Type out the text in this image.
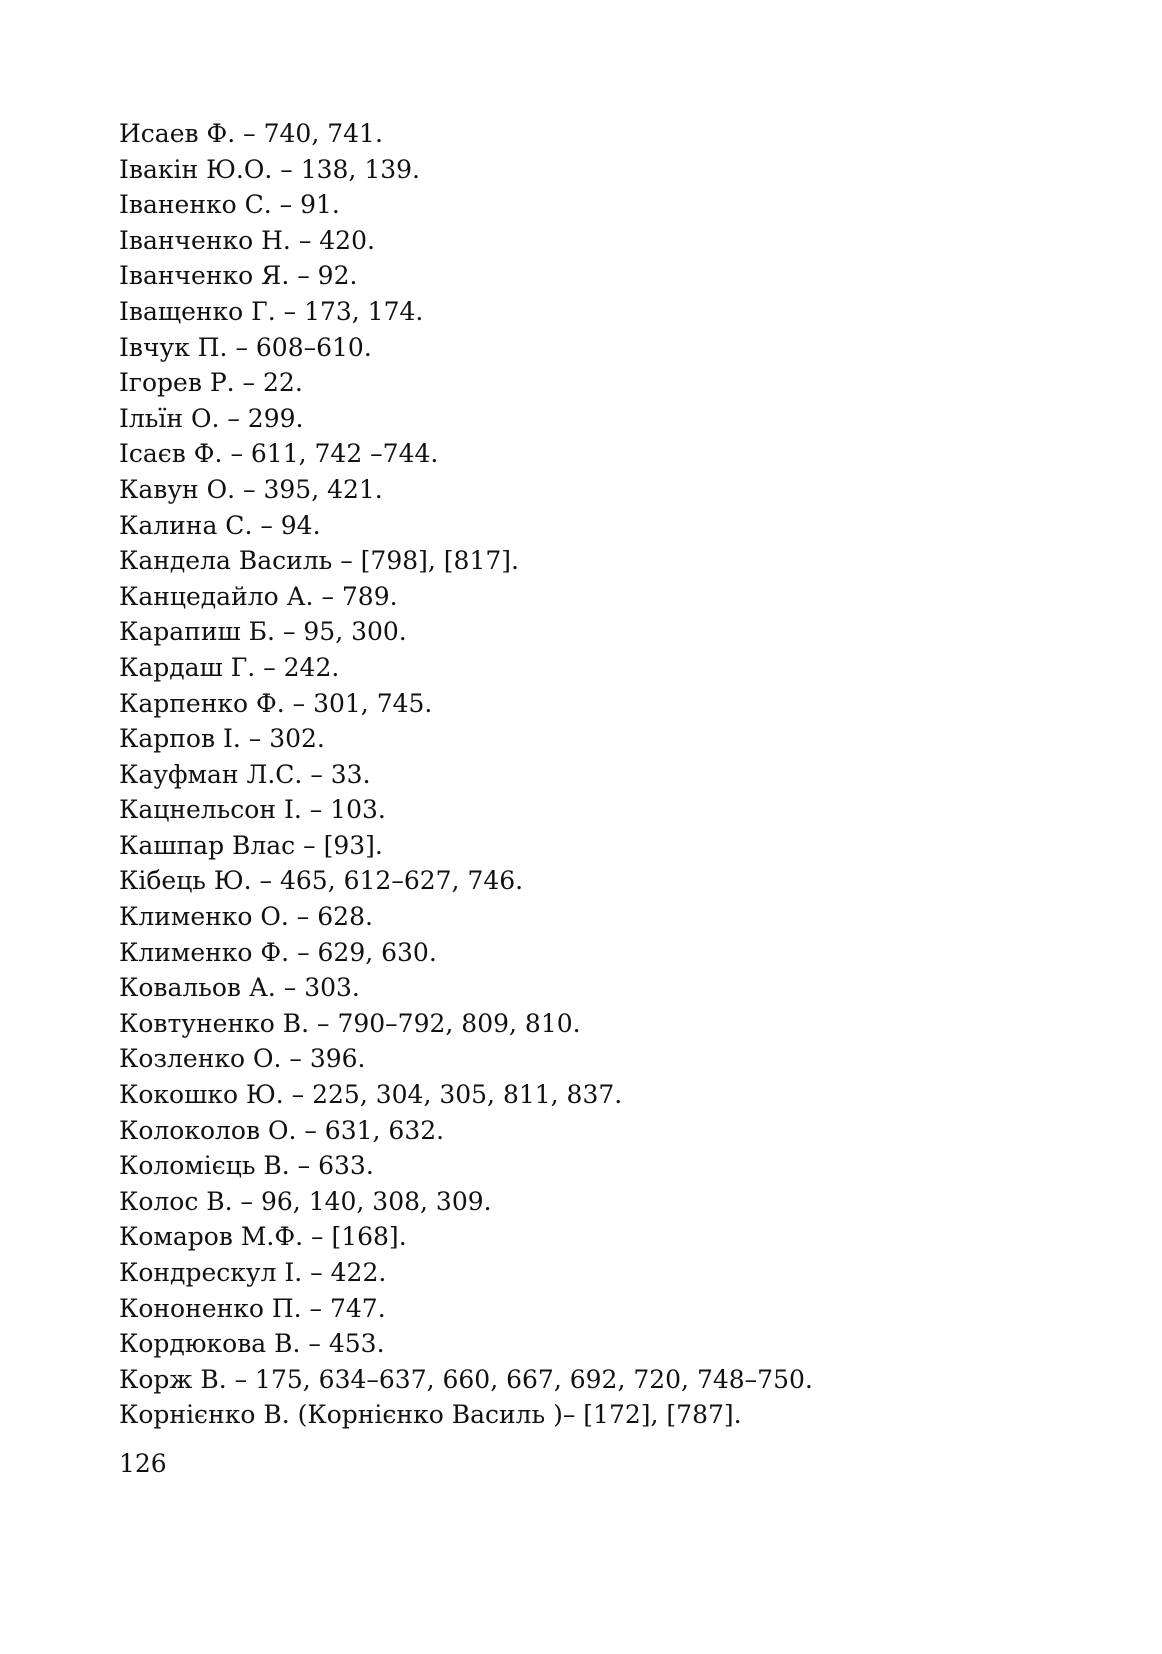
Исаев Ф. – 740, 741.
Івакін Ю.О. – 138, 139.
Іваненко С. – 91.
Іванченко Н. – 420.
Іванченко Я. – 92.
Іващенко Г. – 173, 174.
Івчук П. – 608–610.
Ігорев Р. – 22.
Ільїн О. – 299.
Ісаєв Ф. – 611, 742 –744.
Кавун О. – 395, 421.
Калина С. – 94.
Кандела Василь – [798], [817].
Канцедайло А. – 789.
Карапиш Б. – 95, 300.
Кардаш Г. – 242.
Карпенко Ф. – 301, 745.
Карпов І. – 302.
Кауфман Л.С. – 33.
Кацнельсон І. – 103.
Кашпар Влас – [93].
Кібець Ю. – 465, 612–627, 746.
Клименко О. – 628.
Клименко Ф. – 629, 630.
Ковальов А. – 303.
Ковтуненко В. – 790–792, 809, 810.
Козленко О. – 396.
Кокошко Ю. – 225, 304, 305, 811, 837.
Колоколов О. – 631, 632.
Коломієць В. – 633.
Колос В. – 96, 140, 308, 309.
Комаров М.Ф. – [168].
Кондрескул І. – 422.
Кононенко П. – 747.
Кордюкова В. – 453.
Корж В. – 175, 634–637, 660, 667, 692, 720, 748–750.
Корнієнко В. (Корнієнко Василь )– [172], [787].
126
